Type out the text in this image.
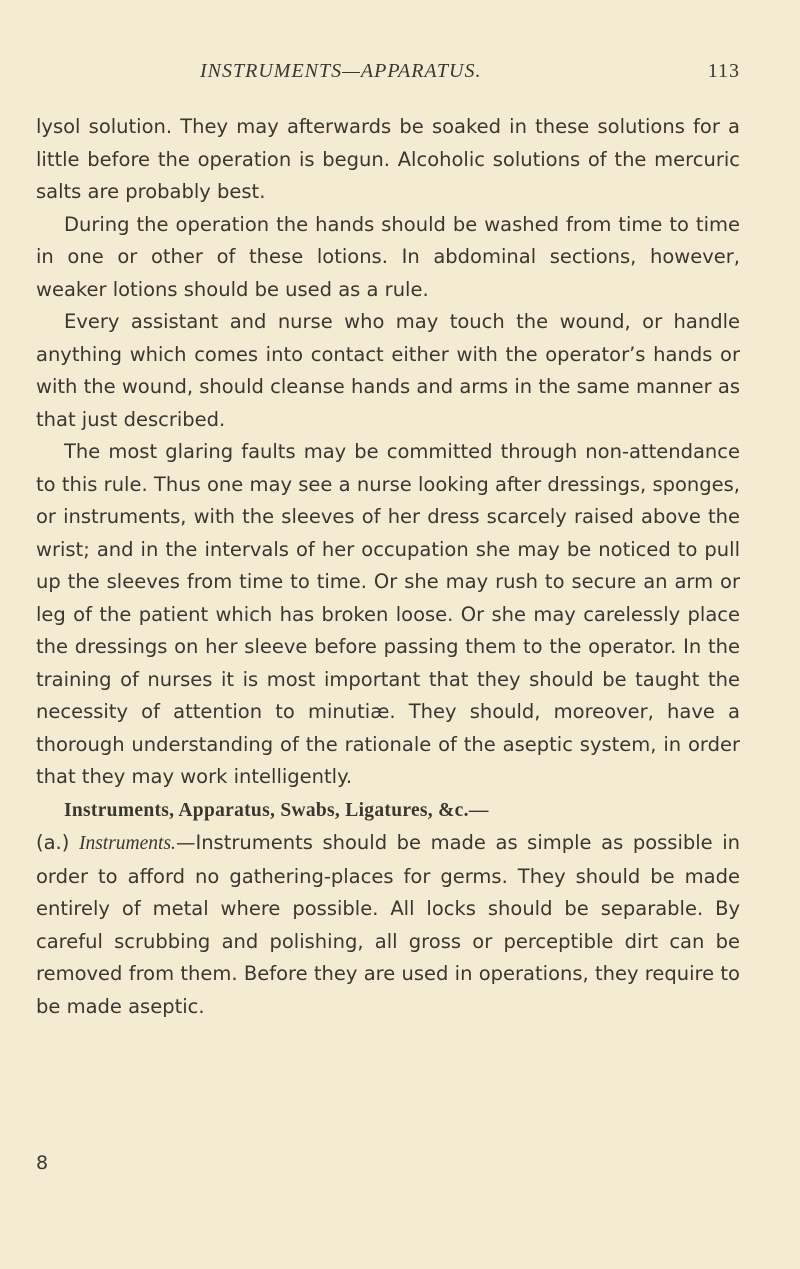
INSTRUMENTS—APPARATUS.	113

lysol solution. They may afterwards be soaked in these solutions for a little before the operation is begun. Alcoholic solutions of the mercuric salts are probably best.

During the operation the hands should be washed from time to time in one or other of these lotions. In abdominal sections, however, weaker lotions should be used as a rule.

Every assistant and nurse who may touch the wound, or handle anything which comes into contact either with the operator’s hands or with the wound, should cleanse hands and arms in the same manner as that just described.

The most glaring faults may be committed through non-attendance to this rule. Thus one may see a nurse looking after dressings, sponges, or instruments, with the sleeves of her dress scarcely raised above the wrist; and in the intervals of her occupation she may be noticed to pull up the sleeves from time to time. Or she may rush to secure an arm or leg of the patient which has broken loose. Or she may carelessly place the dressings on her sleeve before passing them to the operator. In the training of nurses it is most important that they should be taught the necessity of attention to minutiæ. They should, moreover, have a thorough understanding of the rationale of the aseptic system, in order that they may work intelligently.

Instruments, Apparatus, Swabs, Ligatures, &c.—

(a.) Instruments.—Instruments should be made as simple as possible in order to afford no gathering-places for germs. They should be made entirely of metal where possible. All locks should be separable. By careful scrubbing and polishing, all gross or perceptible dirt can be removed from them. Before they are used in operations, they require to be made aseptic.

8
